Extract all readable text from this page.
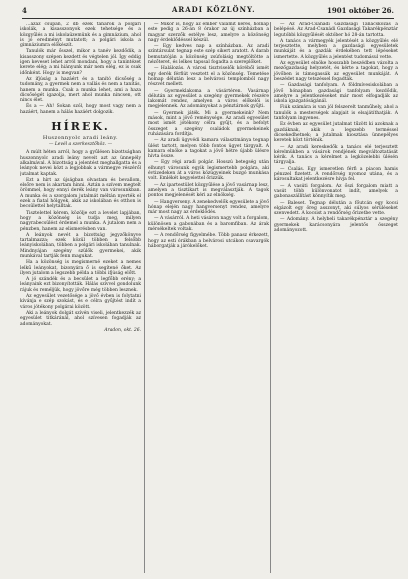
4	ARADI KÖZLÖNY.	1901 október 26.

…azaz csupán, 2 db ezek tanárok a polgári iskolák, a kisasszonyok ezek tehetsége és a közgyűlés a mi iskolaüzemünk és a gimnázium, ahol is jó eredményt mutatott; a polgári iskola a gimnáziumra előkészít.

Tanulók már ősszel, mikor a tanév kezdődik, a kisasszony szépen kezdett és végtelen jól. Így eddig igen keveset lehet arról mondani, hogy a tanintézet kerete elég; a mi hiányunk már nem elég, ez is csak időnként. Hogy is megvan?

Az ifjúság a hazáért és a tanító dicsőség a tudomány, a gyermek nem a vallás és nem a tanítás, hanem a munka. Csak a munka lehet, ami a haza dicsőségét igazolja, mert ahol munka nincsen, ott nincs élet.

És a — Ah! Sokan szól, hogy most vagy nem a hazáért, hanem a hálás hazáért dolgozik.

HÍREK.
Huszonnyolc aradi leány.

— Levél a szerkesztőhöz. —

A múlt héten arról, hogy a gyűlésen bizottságban huszonnyolc aradi leány neveit azt az ünnepély alkalmával. A bizottság a jelentést meghallgatta és a leányok nevei közt a legjobbak a vármegye részéről jutalmat kaptak.

Ezt a hírt az újságban olvastam és bevallom, elsőre nem is akartam hinni. Aztán a szívem megtelt örömmel, hogy ennyi derék leány van városunkban. A munka és a szorgalom jutalmát méltán nyerték el ezek a fiatal hölgyek, akik az iskolában és otthon is becsülettel helytálltak.

Tisztelettel kérem, közölje ezt a levelet lapjában, hogy a közönség is tudja meg, milyen nagyrabecsülést érdemel a munka. A jutalom nem a pénzben, hanem az elismerésben van.

A leányok nevét a bizottság jegyzőkönyve tartalmazza; ezek közül többen a felsőbb leányiskolában, többen a polgári iskolában tanulnak. Mindnyájan szegény szülők gyermekei, akik munkával tartják fenn magukat.

Ha a közönség is megismerné ezeket a nemes lelkű leányokat, bizonyára ő is segítené őket. Az ilyen jutalom a legszebb példa a többi ifjúság előtt.

A jó szándék és a becsület a legfőbb erény; a leányaink ezt bizonyították. Hálás szívvel gondolunk rájuk és reméljük, hogy jövőre még többen lesznek.

Az egyesület vezetősége a jövő évben is folytatni kívánja e szép szokást, és e célra gyűjtést indít a város jótékony polgárai között.

Aki a leányok dolgát szívén viseli, jelentkezzék az egyesület titkáránál, ahol szívesen fogadják az adományokat.

Aradon, okt. 26.

— Mikor is, hogy az ember valamit keres, holnap este pedig a 26-án 8 órakor az új színházban a magyar szerzők estélye lesz, amelyre a közönség nagy érdeklődéssel készül.

— Egy kedves nap a színházban. Az aradi színtársulat tegnap este szép sikert aratott. A darab bemutatóján a közönség zsúfolásig megtöltötte a nézőteret, és lelkes tapssal fogadta a szereplőket.

— Halálozás. A városi tisztviselők köréből ismét egy derék férfiút vesztett el a közönség. Temetése holnap délután lesz a belvárosi templomból nagy részvét mellett.

— Gyermeklakoma a vásártéren. Vasárnap délután az egyesület a szegény gyermekek részére lakomát rendez, amelyen a város előkelői is megjelennek. Az adományokat a pénztárnok gyűjti.

— Gyermek játék. Mi a gyermekeink? Nem mások, mint a jövő reménysége. Az aradi egyesület most ismét jótékony célra gyűjt, és a befolyt összeget a szegény családok gyermekeinek ruházására fordítja.

— Az aradi ügyvédi kamara választmánya tegnap ülést tartott, melyen több fontos ügyet tárgyalt. A kamara elnöke a tagokat a jövő hétre újabb ülésre hívta össze.

— Egy régi aradi polgár. Hosszú betegség után elhunyt városunk egyik legismertebb polgára, aki évtizedeken át a város közügyeinek buzgó munkása volt. Emlékét kegyelettel őrizzük.

— Az ipartestület közgyűlése a jövő vasárnap lesz, amelyen a tisztikart is megválasztják. A tagok pontos megjelenését kéri az elnökség.

— Hangverseny. A zenekedvelők egyesülete a jövő hónap elején nagy hangversenyt rendez, amelyre már most nagy az érdeklődés.

— A vásárról. A heti vásáron nagy volt a forgalom, különösen a gabonában és a baromfiban. Az árak mérsékeltek voltak.

— A rendőrség figyelmébe. Több panasz érkezett, hogy az esti órákban a belvárosi utcákon csavargók háborgatják a járókelőket.

— Az Arad-Csanádi Gazdasági Tanácskozás a belépésé. Az Arad-Csanádi Gazdasági Takarékpénztár legutóbbi közgyűlését október hó 28-án tartotta.

A tanács a vármegyék jelentését a közgyűlés elé terjesztette, melyben a gazdasági egyesületek munkáját és a gazdák érdekében tett lépéseket ismertette. A közgyűlés a jelentést tudomásul vette.

Az egyesület elnöke hosszabb beszédben vázolta a mezőgazdaság helyzetét, és kérte a tagokat, hogy a jövőben is támogassák az egyesület munkáját. A beszédet nagy tetszéssel fogadták.

— Gazdasági tanfolyam. A földmívesiskolában a jövő hónapban gazdasági tanfolyam kezdődik, amelyre a jelentkezéseket már most elfogadják az iskola igazgatóságánál.

Fiúk számára is van jól felszerelt tanműhely, ahol a tanulók a mesterségek alapjait is elsajátíthatják. A tanfolyam ingyenes.

Ez évben az egyesület jutalmat tűzött ki azoknak a gazdáknak, akik a legszebb terméssel dicsekedhetnek; a jutalmak kiosztása ünnepélyes keretek közt történik.

— Az aradi kereskedők a tanács elé terjesztett kérelmükben a vásárok rendjének megváltoztatását kérik. A tanács a kérelmet a legközelebbi ülésén tárgyalja.

— Csalás. Egy ismeretlen férfi a piacon hamis pénzzel fizetett. A rendőrség nyomoz utána, és a károsultakat jelentkezésre hívja fel.

— A vasúti forgalom. Az őszi forgalom miatt a vasút több különvonatot indít, amelyek a gabonaszállítást könnyítik meg.

— Baleset. Tegnap délután a főutcán egy kocsi elgázolt egy öreg asszonyt, aki súlyos sérüléseket szenvedett. A kocsist a rendőrség őrizetbe vette.

— Adomány. A helybeli takarékpénztár a szegény gyermekek karácsonyára jelentős összeget adományozott.
